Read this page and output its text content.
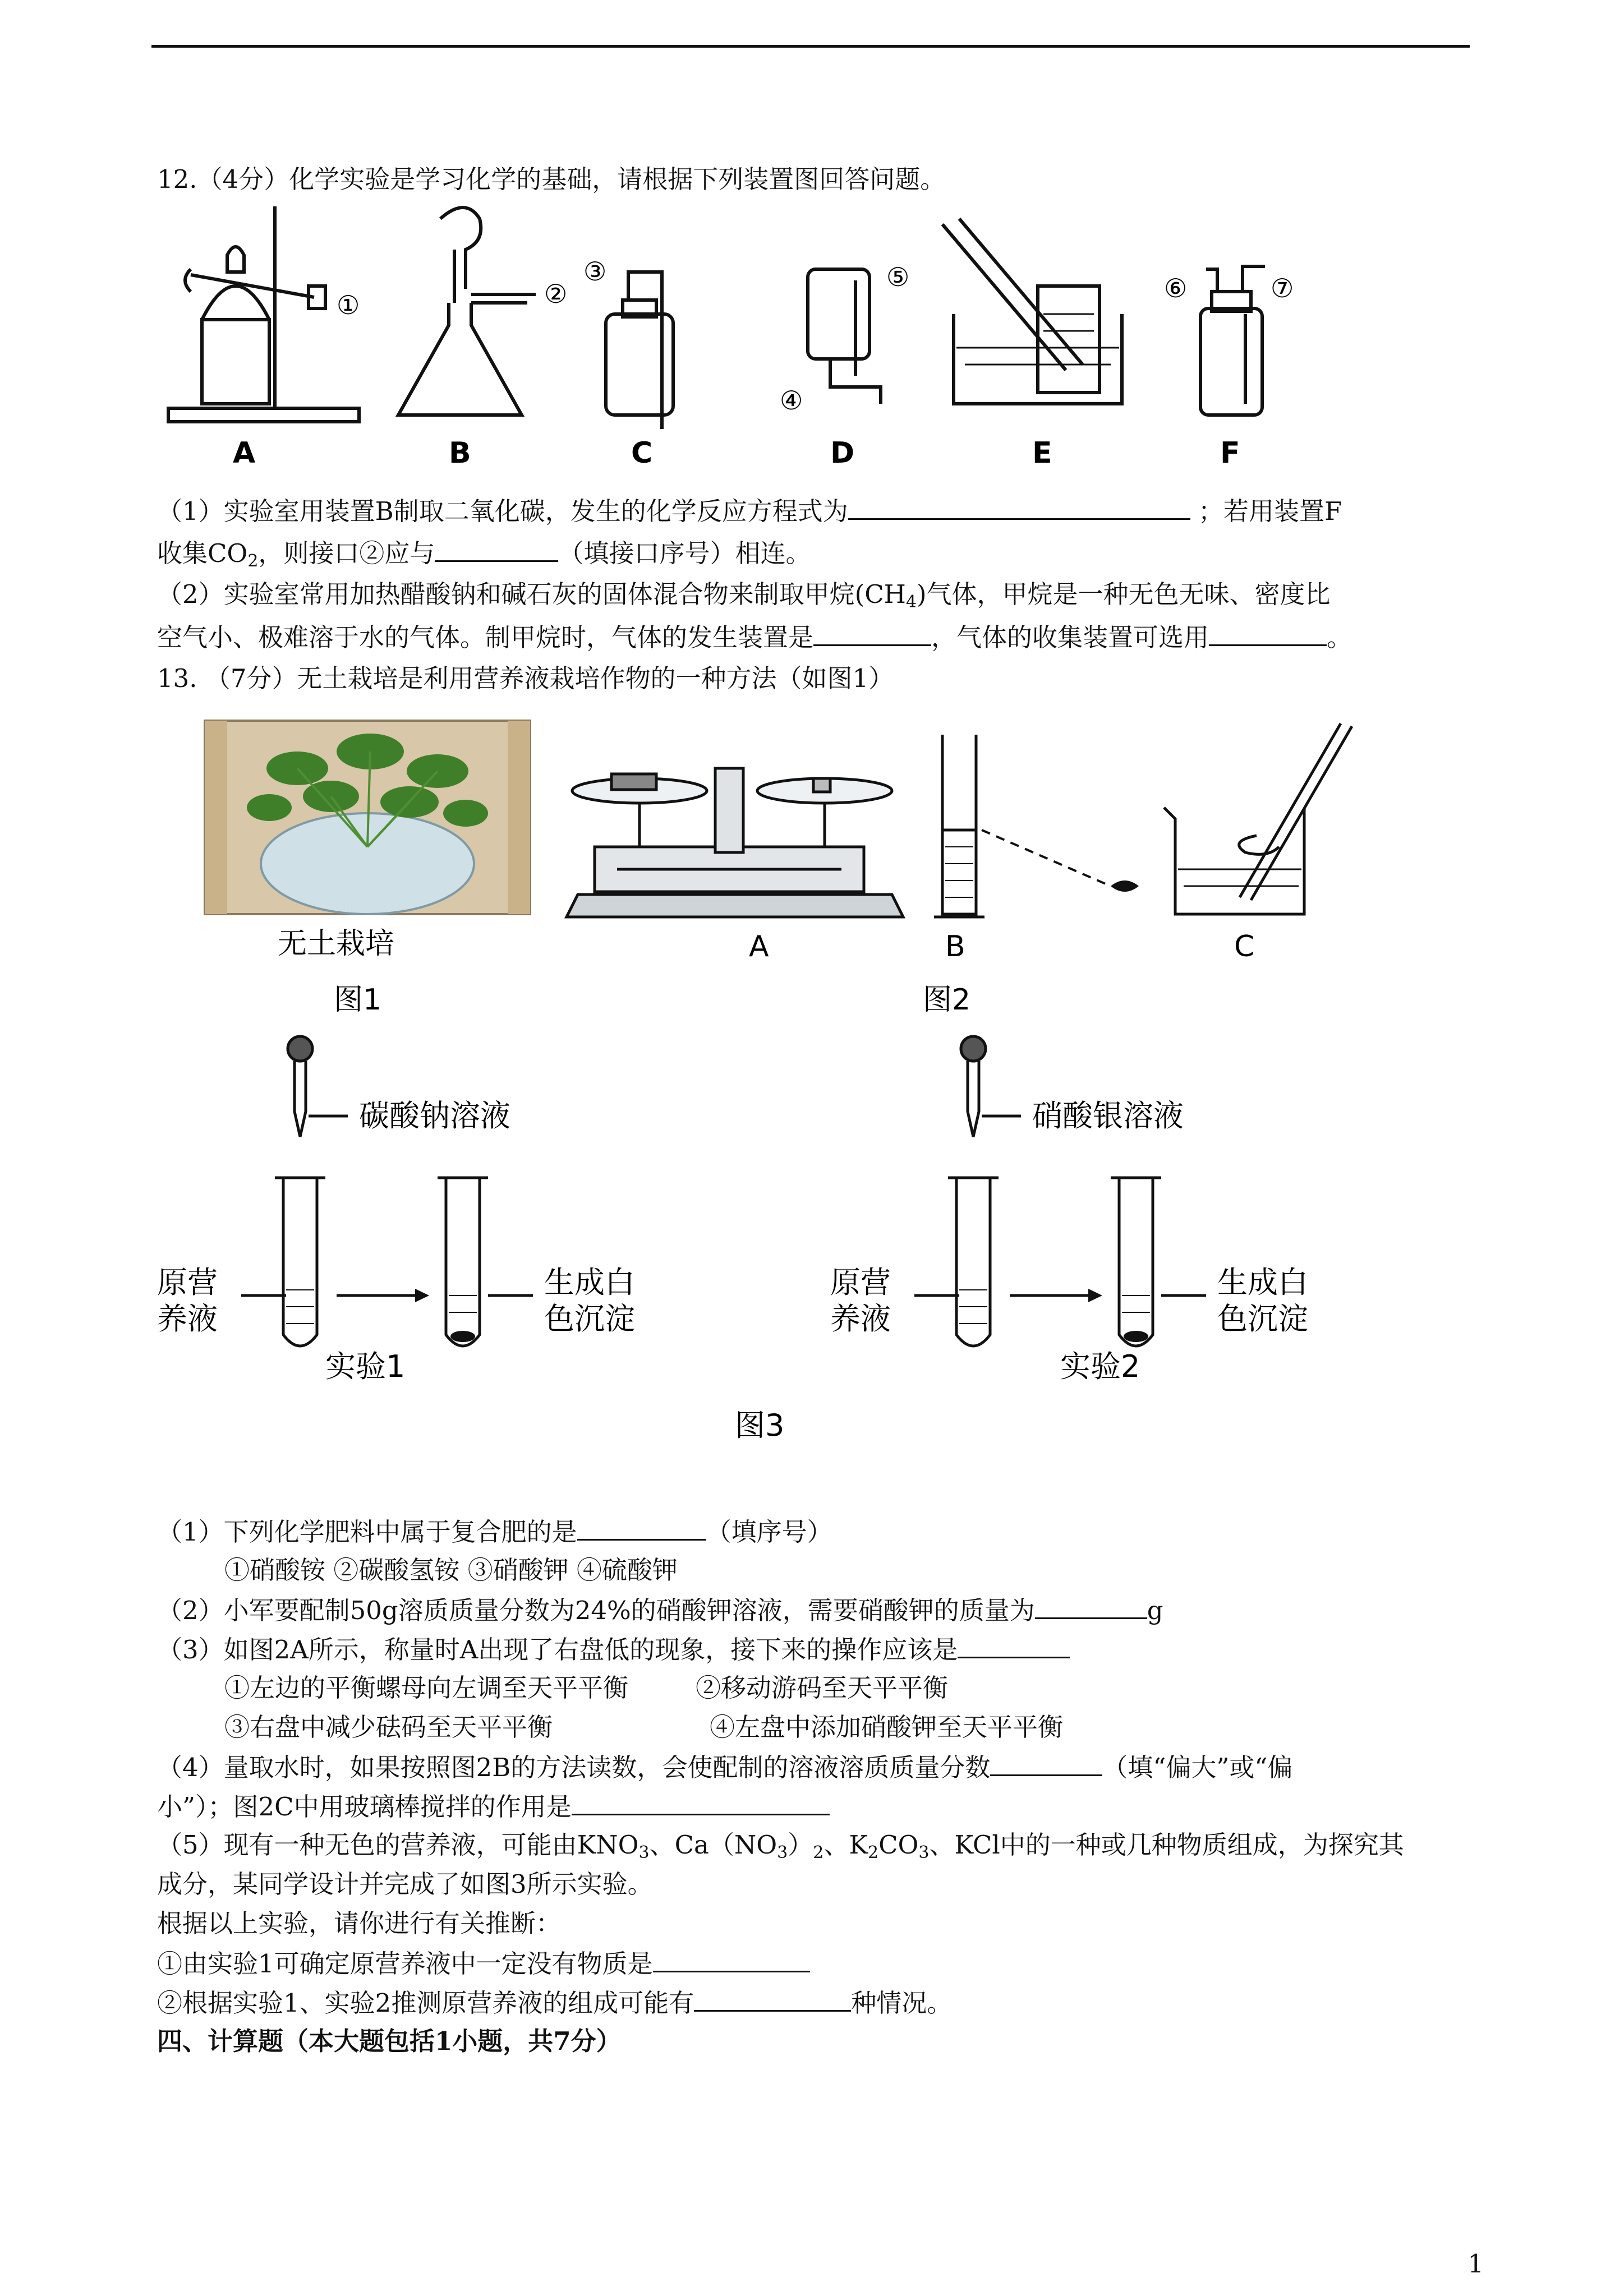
12.（4分）化学实验是学习化学的基础，请根据下列装置图回答问题。
①	②
③
④
⑤	⑥	⑦
A	B	C	D	E	F
（1）实验室用装置B制取二氧化碳，发生的化学反应方程式为	；若用装置F
收集$CO_2$，则接口②应与	（填接口序号）相连。
（2）实验室常用加热醋酸钠和碱石灰的固体混合物来制取甲烷$(CH_4)$气体，甲烷是一种无色无味、密度比
空气小、极难溶于水的气体。制甲烷时，气体的发生装置是	，气体的收集装置可选用	。
13. （7分）无土栽培是利用营养液栽培作物的一种方法（如图1）
无土栽培
图1
A	B
图2
C
碳酸钠溶液
原营
养液
生成白
色沉淀
实验1
硝酸银溶液
原营
养液
生成白
色沉淀
实验2
图3
（1）下列化学肥料中属于复合肥的是	（填序号）
①硝酸铵 ②碳酸氢铵 ③硝酸钾 ④硫酸钾
（2）小军要配制50g溶质质量分数为24%的硝酸钾溶液，需要硝酸钾的质量为	g
（3）如图2A所示，称量时A出现了右盘低的现象，接下来的操作应该是
①左边的平衡螺母向左调至天平平衡	②移动游码至天平平衡
③右盘中减少砝码至天平平衡	④左盘中添加硝酸钾至天平平衡
（4）量取水时，如果按照图2B的方法读数，会使配制的溶液溶质质量分数	（填“偏大”或“偏
小”）；图2C中用玻璃棒搅拌的作用是
（5）现有一种无色的营养液，可能由$KNO_3$、$Ca(NO_3)_2$、$K_2CO_3$、KCl中的一种或几种物质组成，为探究其
成分，某同学设计并完成了如图3所示实验。
根据以上实验，请你进行有关推断：
①由实验1可确定原营养液中一定没有物质是
②根据实验1、实验2推测原营养液的组成可能有	种情况。
四、计算题（本大题包括1小题，共7分）
1
